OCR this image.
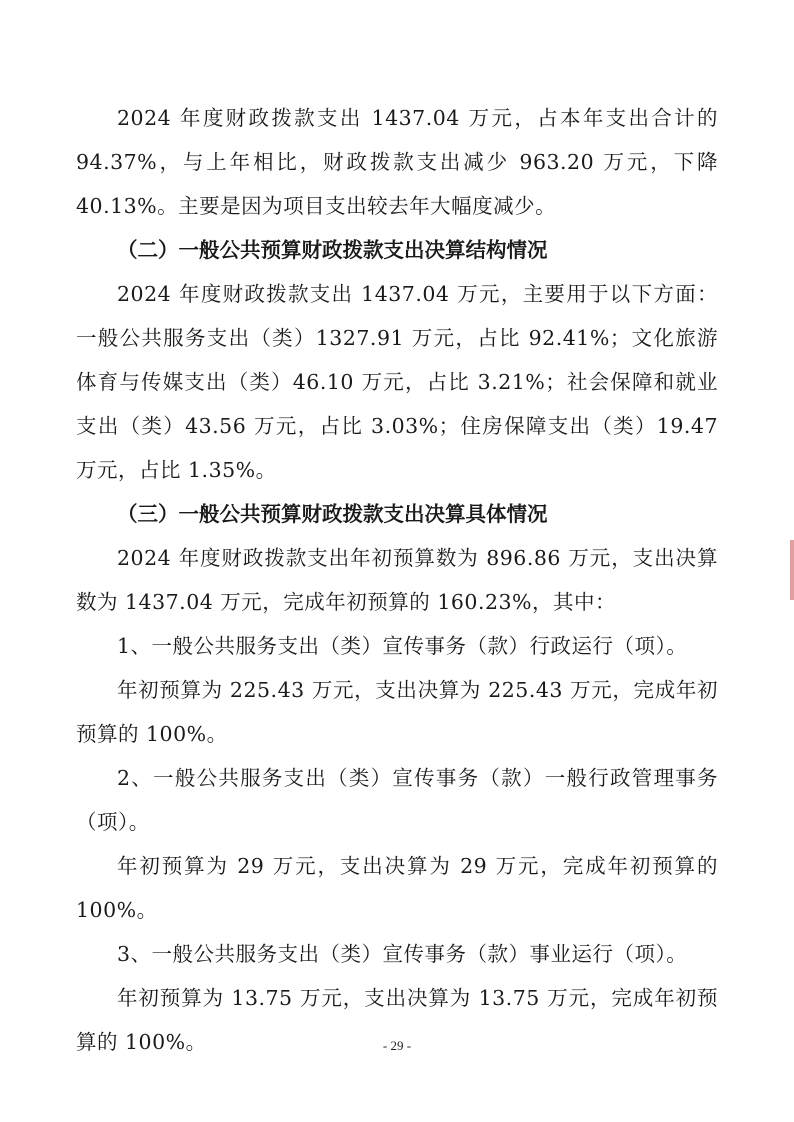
2024 年度财政拨款支出 1437.04 万元，占本年支出合计的 94.37%，与上年相比，财政拨款支出减少 963.20 万元，下降 40.13%。主要是因为项目支出较去年大幅度减少。

（二）一般公共预算财政拨款支出决算结构情况

2024 年度财政拨款支出 1437.04 万元，主要用于以下方面：一般公共服务支出（类）1327.91 万元，占比 92.41%；文化旅游体育与传媒支出（类）46.10 万元，占比 3.21%；社会保障和就业支出（类）43.56 万元，占比 3.03%；住房保障支出（类）19.47 万元，占比 1.35%。

（三）一般公共预算财政拨款支出决算具体情况

2024 年度财政拨款支出年初预算数为 896.86 万元，支出决算数为 1437.04 万元，完成年初预算的 160.23%，其中：

1、一般公共服务支出（类）宣传事务（款）行政运行（项）。

年初预算为 225.43 万元，支出决算为 225.43 万元，完成年初预算的 100%。

2、一般公共服务支出（类）宣传事务（款）一般行政管理事务（项）。

年初预算为 29 万元，支出决算为 29 万元，完成年初预算的 100%。

3、一般公共服务支出（类）宣传事务（款）事业运行（项）。

年初预算为 13.75 万元，支出决算为 13.75 万元，完成年初预算的 100%。	- 29 -
